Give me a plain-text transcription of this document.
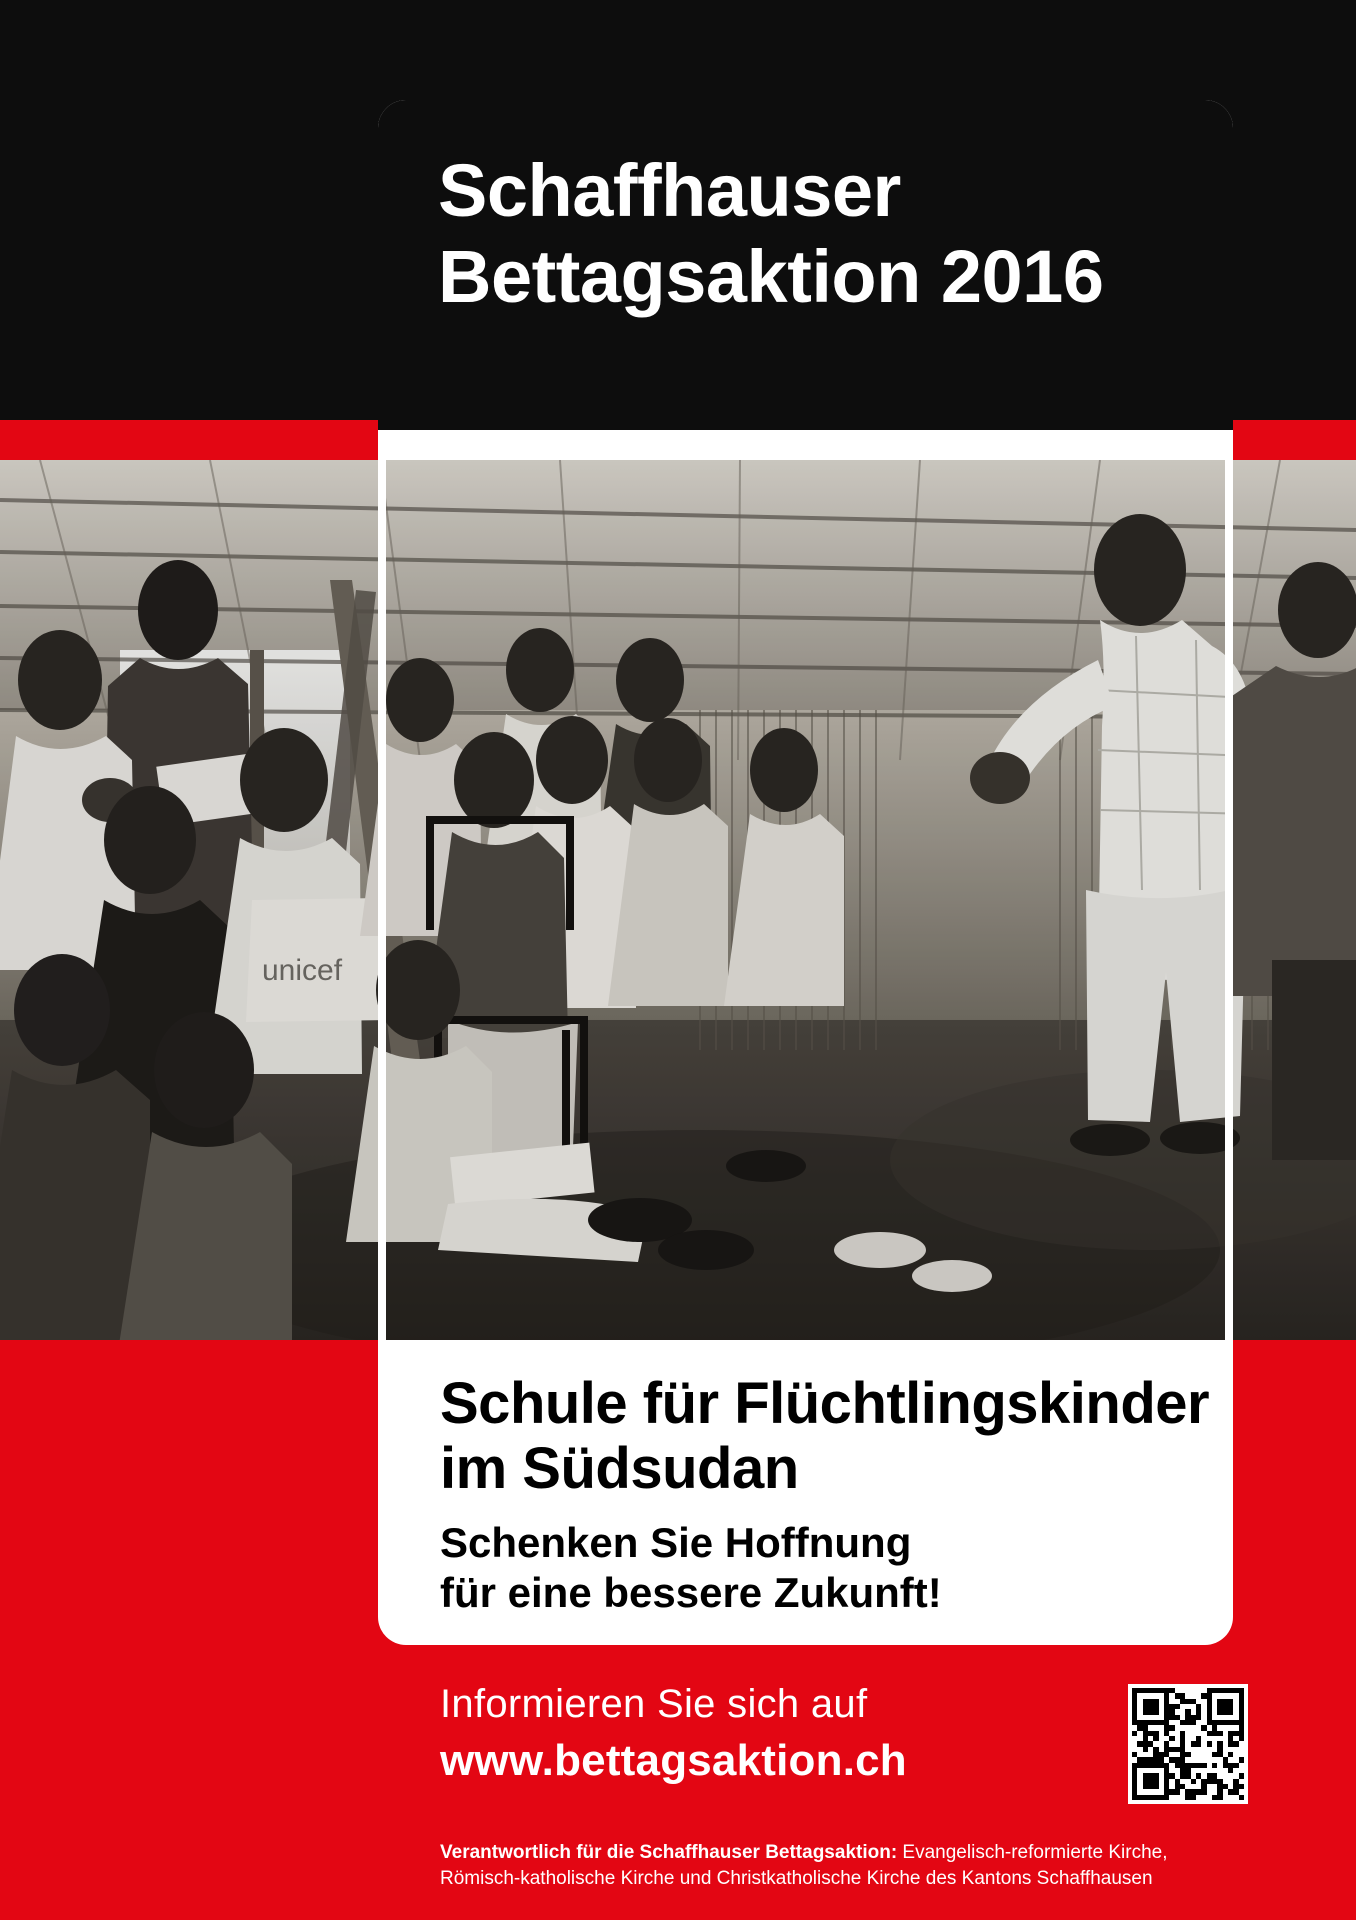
Schaffhauser
Bettagsaktion 2016
unicef
Schule für Flüchtlingskinder
im Südsudan
Schenken Sie Hoffnung
für eine bessere Zukunft!
Informieren Sie sich auf
www.bettagsaktion.ch
Verantwortlich für die Schaffhauser Bettagsaktion: Evangelisch-reformierte Kirche,
Römisch-katholische Kirche und Christkatholische Kirche des Kantons Schaffhausen
